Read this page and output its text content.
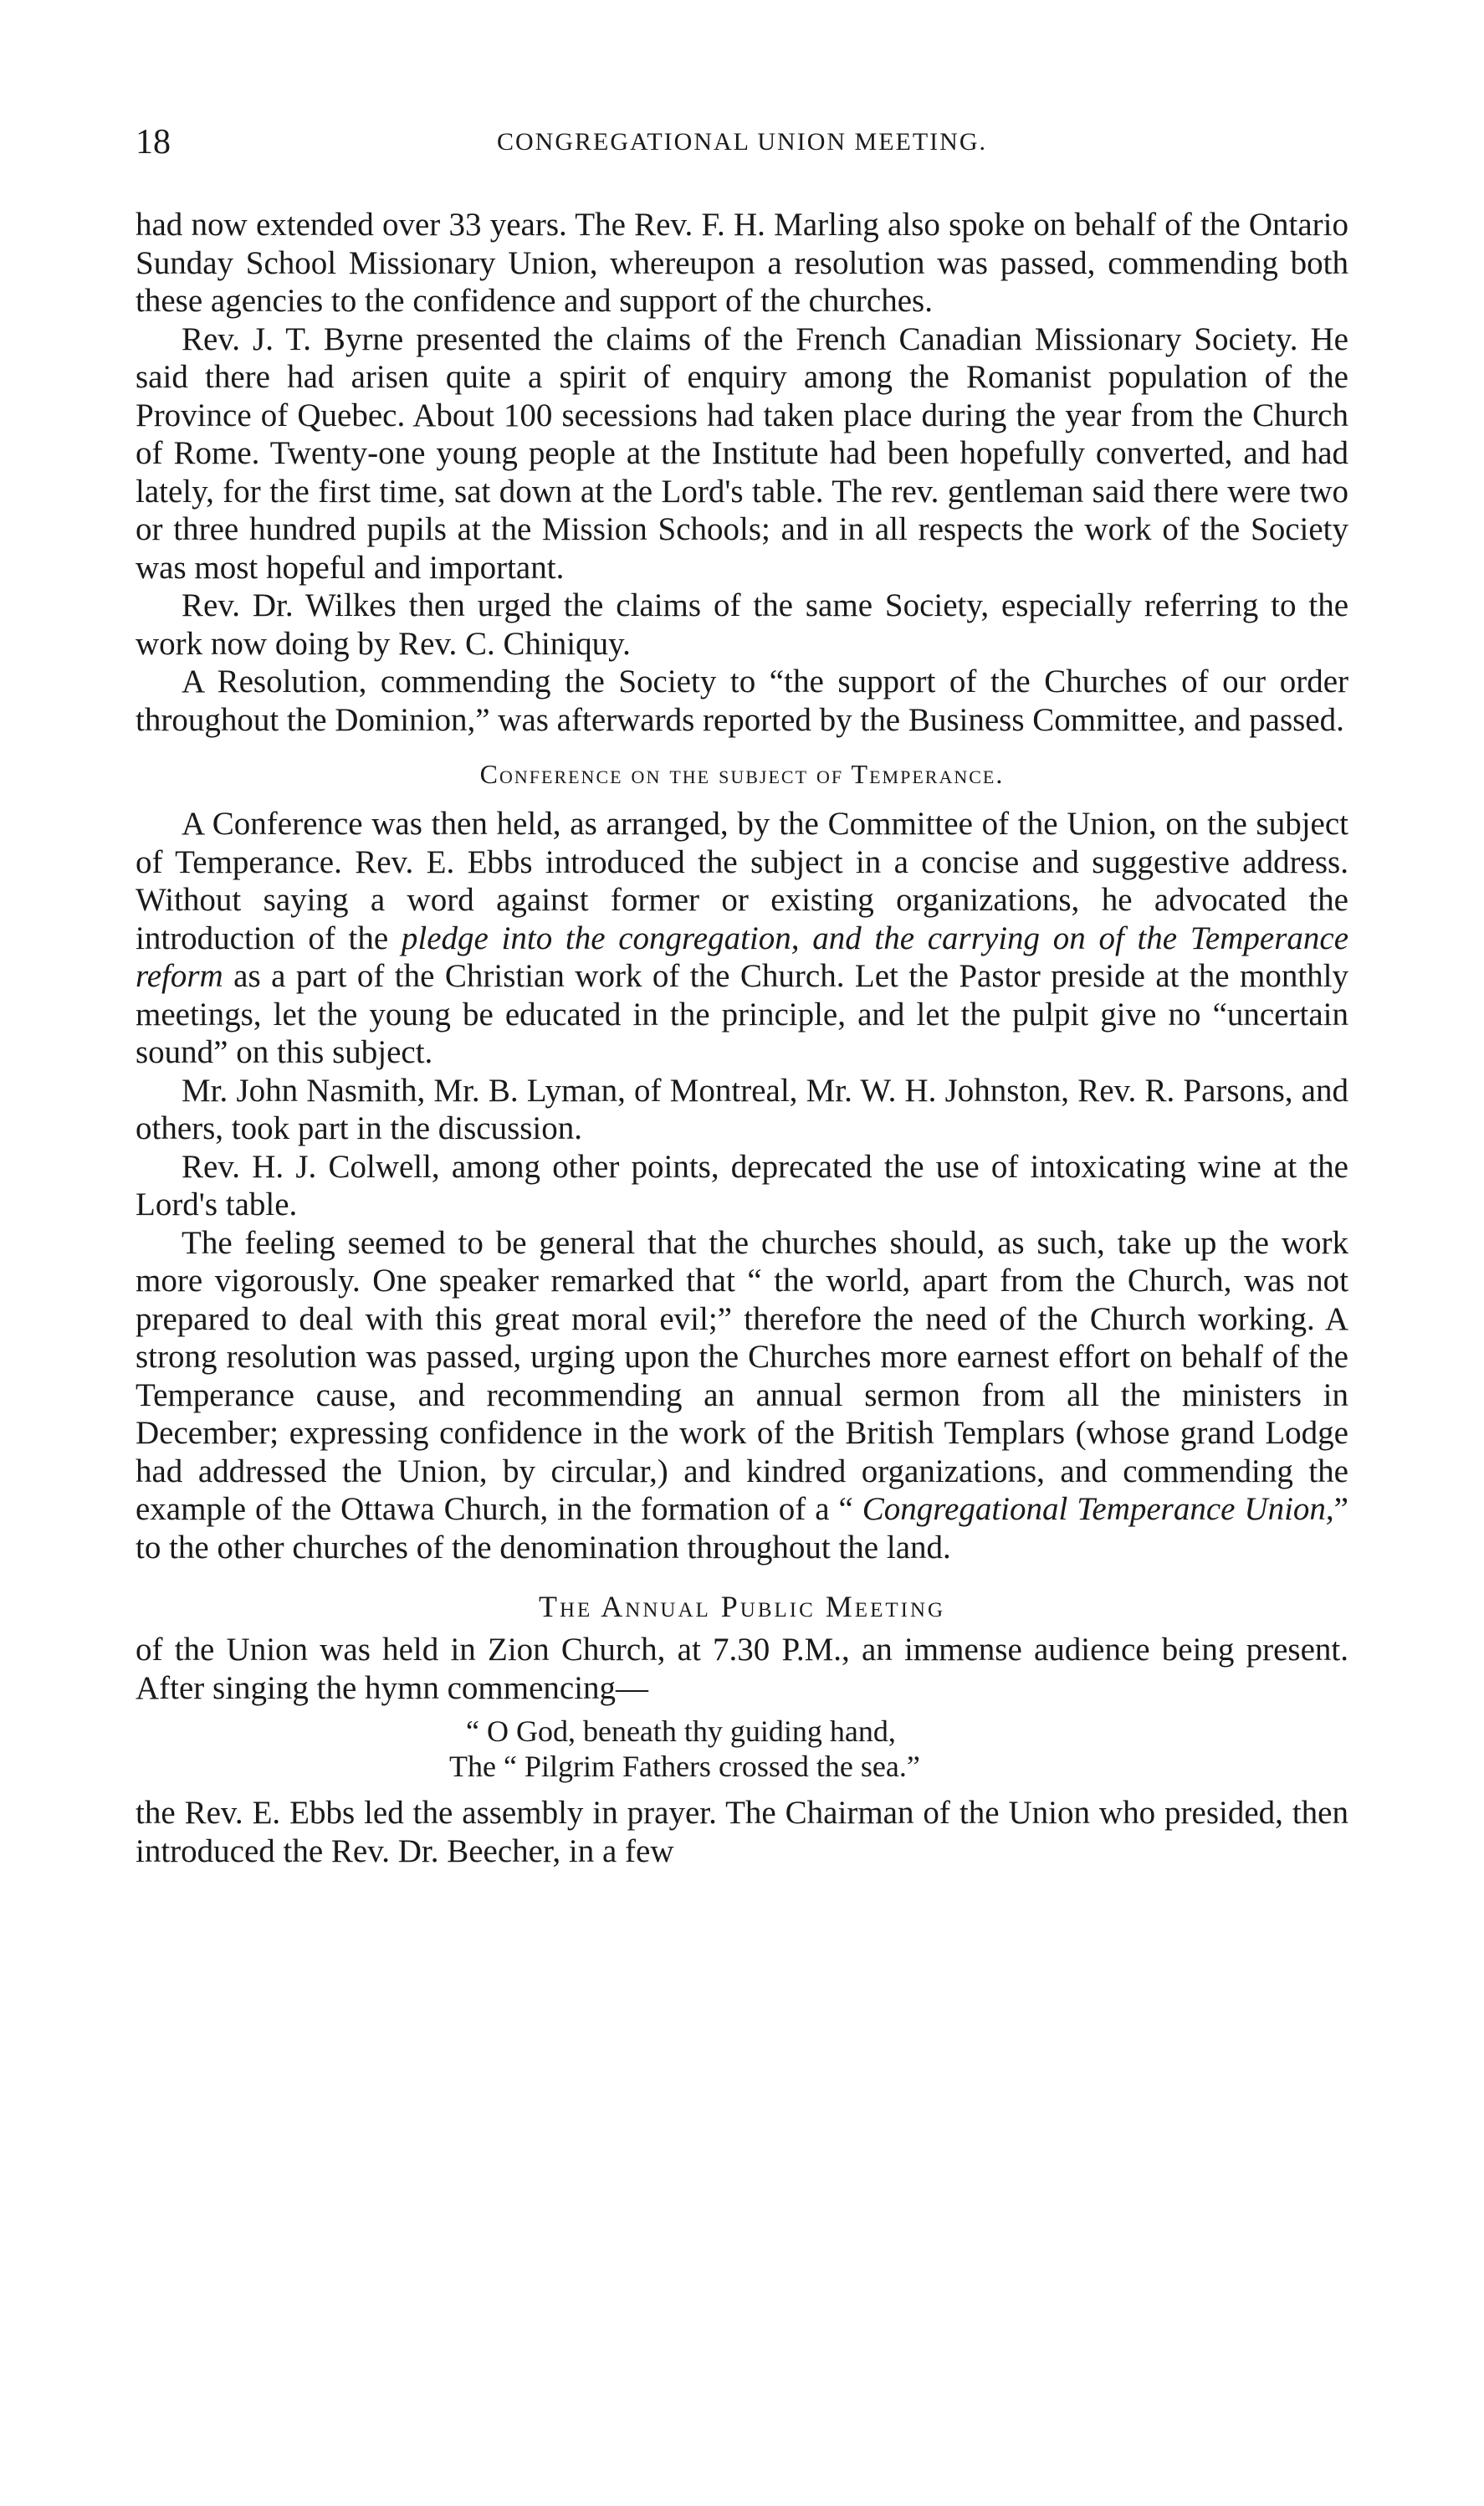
18	CONGREGATIONAL UNION MEETING.

had now extended over 33 years. The Rev. F. H. Marling also spoke on behalf of the Ontario Sunday School Missionary Union, whereupon a resolution was passed, commending both these agencies to the confidence and support of the churches.

Rev. J. T. Byrne presented the claims of the French Canadian Missionary Society. He said there had arisen quite a spirit of enquiry among the Romanist population of the Province of Quebec. About 100 secessions had taken place during the year from the Church of Rome. Twenty-one young people at the Institute had been hopefully converted, and had lately, for the first time, sat down at the Lord's table. The rev. gentleman said there were two or three hundred pupils at the Mission Schools; and in all respects the work of the Society was most hopeful and important.

Rev. Dr. Wilkes then urged the claims of the same Society, especially referring to the work now doing by Rev. C. Chiniquy.

A Resolution, commending the Society to “the support of the Churches of our order throughout the Dominion,” was afterwards reported by the Business Committee, and passed.

Conference on the subject of Temperance.

A Conference was then held, as arranged, by the Committee of the Union, on the subject of Temperance. Rev. E. Ebbs introduced the subject in a concise and suggestive address. Without saying a word against former or existing organizations, he advocated the introduction of the pledge into the congregation, and the carrying on of the Temperance reform as a part of the Christian work of the Church. Let the Pastor preside at the monthly meetings, let the young be educated in the principle, and let the pulpit give no “uncertain sound” on this subject.

Mr. John Nasmith, Mr. B. Lyman, of Montreal, Mr. W. H. Johnston, Rev. R. Parsons, and others, took part in the discussion.

Rev. H. J. Colwell, among other points, deprecated the use of intoxicating wine at the Lord's table.

The feeling seemed to be general that the churches should, as such, take up the work more vigorously. One speaker remarked that “ the world, apart from the Church, was not prepared to deal with this great moral evil;” therefore the need of the Church working. A strong resolution was passed, urging upon the Churches more earnest effort on behalf of the Temperance cause, and recommending an annual sermon from all the ministers in December; expressing confidence in the work of the British Templars (whose grand Lodge had addressed the Union, by circular,) and kindred organizations, and commending the example of the Ottawa Church, in the formation of a “ Congregational Temperance Union,” to the other churches of the denomination throughout the land.

The Annual Public Meeting

of the Union was held in Zion Church, at 7.30 P.M., an immense audience being present. After singing the hymn commencing—

“ O God, beneath thy guiding hand,
The “ Pilgrim Fathers crossed the sea.”

the Rev. E. Ebbs led the assembly in prayer. The Chairman of the Union who presided, then introduced the Rev. Dr. Beecher, in a few
